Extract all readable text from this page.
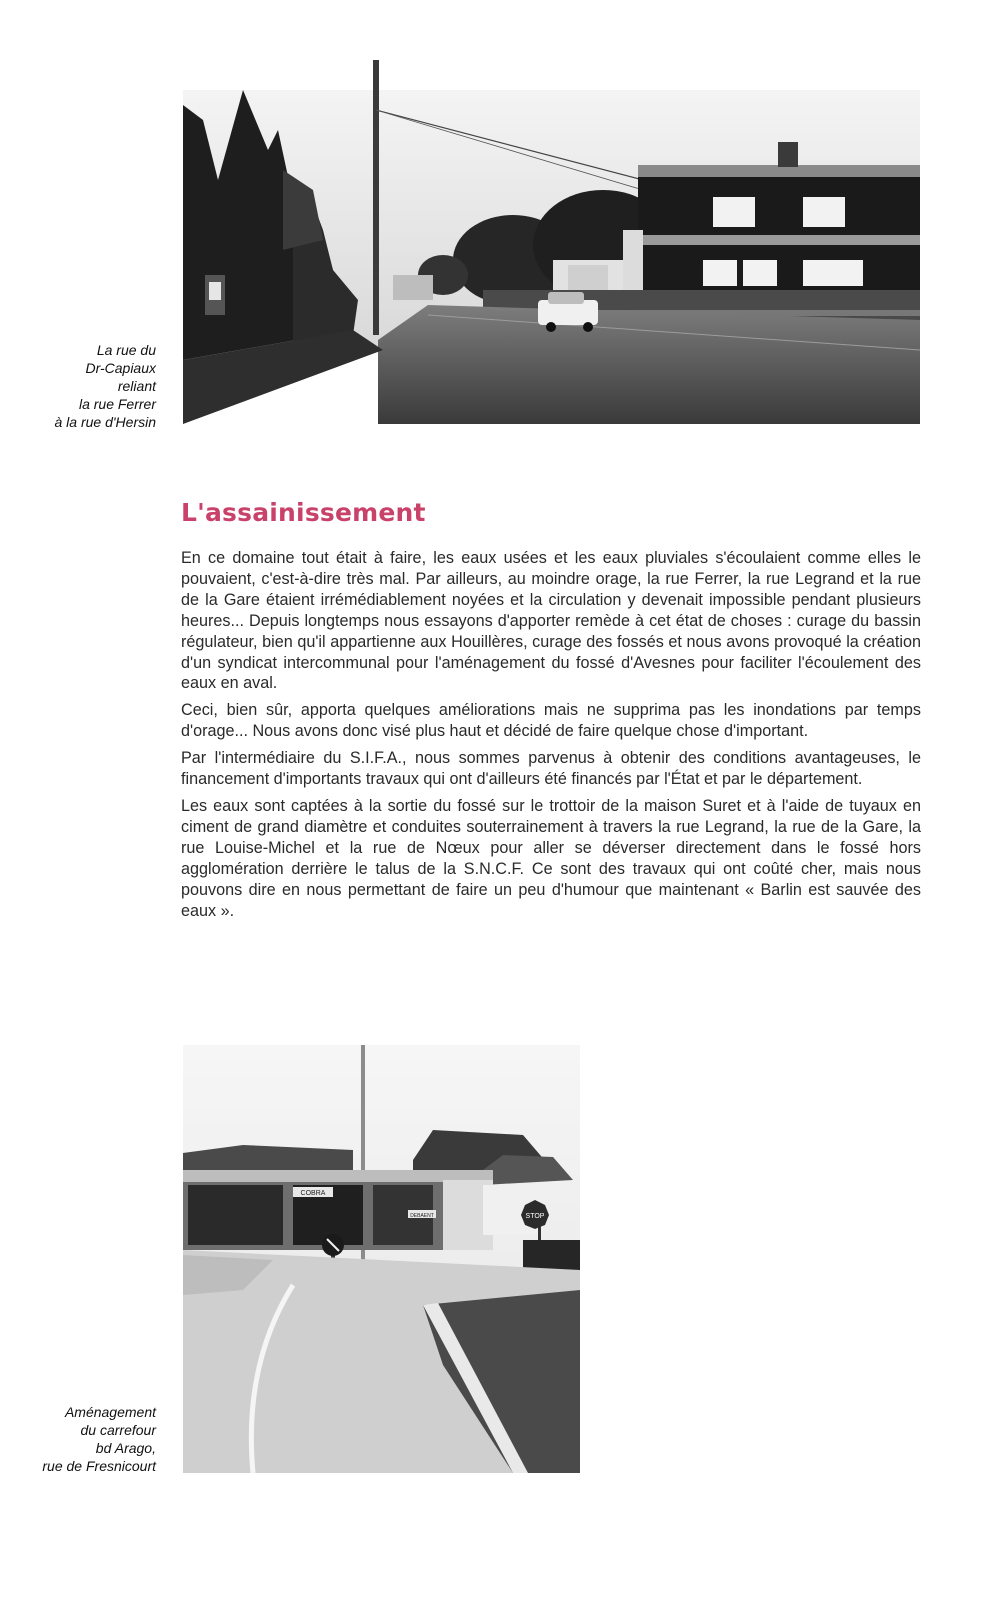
La rue du
Dr-Capiaux
reliant
la rue Ferrer
à la rue d'Hersin
L'assainissement

En ce domaine tout était à faire, les eaux usées et les eaux pluviales s'écoulaient comme elles le pouvaient, c'est-à-dire très mal. Par ailleurs, au moindre orage, la rue Ferrer, la rue Legrand et la rue de la Gare étaient irrémédiablement noyées et la circulation y devenait impossible pendant plusieurs heures... Depuis longtemps nous essayons d'apporter remède à cet état de choses : curage du bassin régulateur, bien qu'il appartienne aux Houillères, curage des fossés et nous avons provoqué la création d'un syndicat intercommunal pour l'aménagement du fossé d'Avesnes pour faciliter l'écoulement des eaux en aval.

Ceci, bien sûr, apporta quelques améliorations mais ne supprima pas les inondations par temps d'orage... Nous avons donc visé plus haut et décidé de faire quelque chose d'important.

Par l'intermédiaire du S.I.F.A., nous sommes parvenus à obtenir des conditions avantageuses, le financement d'importants travaux qui ont d'ailleurs été financés par l'État et par le département.

Les eaux sont captées à la sortie du fossé sur le trottoir de la maison Suret et à l'aide de tuyaux en ciment de grand diamètre et conduites souterrainement à travers la rue Legrand, la rue de la Gare, la rue Louise-Michel et la rue de Nœux pour aller se déverser directement dans le fossé hors agglomération derrière le talus de la S.N.C.F. Ce sont des travaux qui ont coûté cher, mais nous pouvons dire en nous permettant de faire un peu d'humour que maintenant « Barlin est sauvée des eaux ».

COBRA
DEBAENT	STOP
Aménagement
du carrefour
bd Arago,
rue de Fresnicourt
